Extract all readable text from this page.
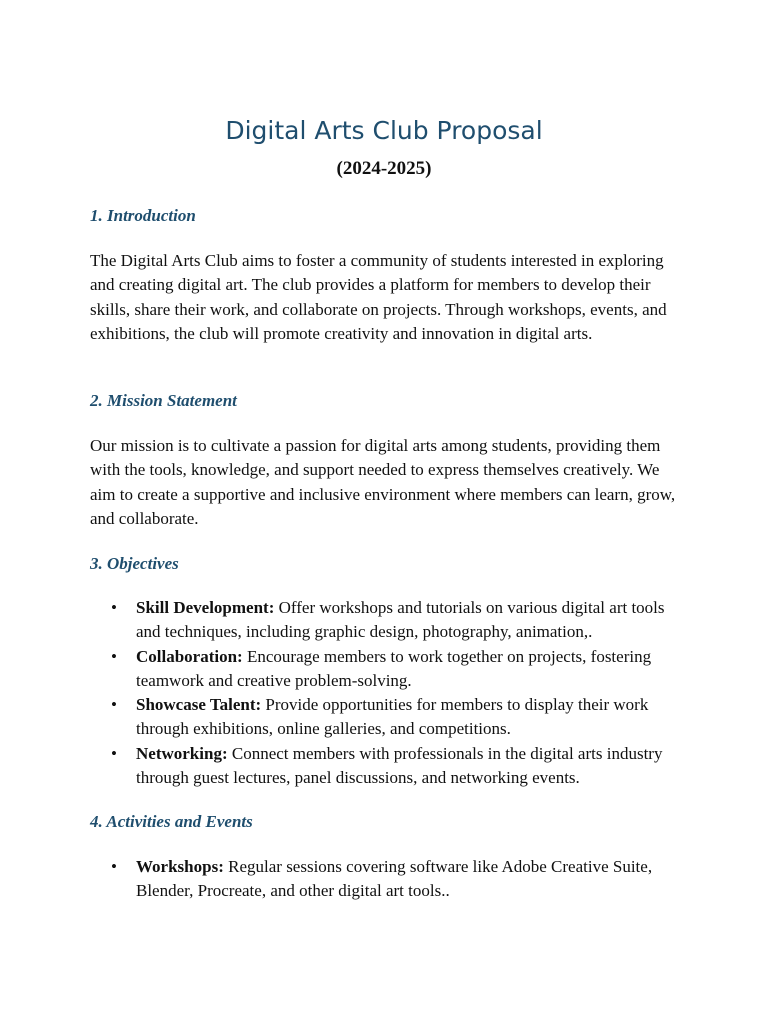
Digital Arts Club Proposal
(2024-2025)
1. Introduction
The Digital Arts Club aims to foster a community of students interested in exploring and creating digital art. The club provides a platform for members to develop their skills, share their work, and collaborate on projects. Through workshops, events, and exhibitions, the club will promote creativity and innovation in digital arts.
2. Mission Statement
Our mission is to cultivate a passion for digital arts among students, providing them with the tools, knowledge, and support needed to express themselves creatively. We aim to create a supportive and inclusive environment where members can learn, grow, and collaborate.
3. Objectives
• Skill Development: Offer workshops and tutorials on various digital art tools and techniques, including graphic design, photography, animation,.
• Collaboration: Encourage members to work together on projects, fostering teamwork and creative problem-solving.
• Showcase Talent: Provide opportunities for members to display their work through exhibitions, online galleries, and competitions.
• Networking: Connect members with professionals in the digital arts industry through guest lectures, panel discussions, and networking events.
4. Activities and Events
• Workshops: Regular sessions covering software like Adobe Creative Suite, Blender, Procreate, and other digital art tools..
